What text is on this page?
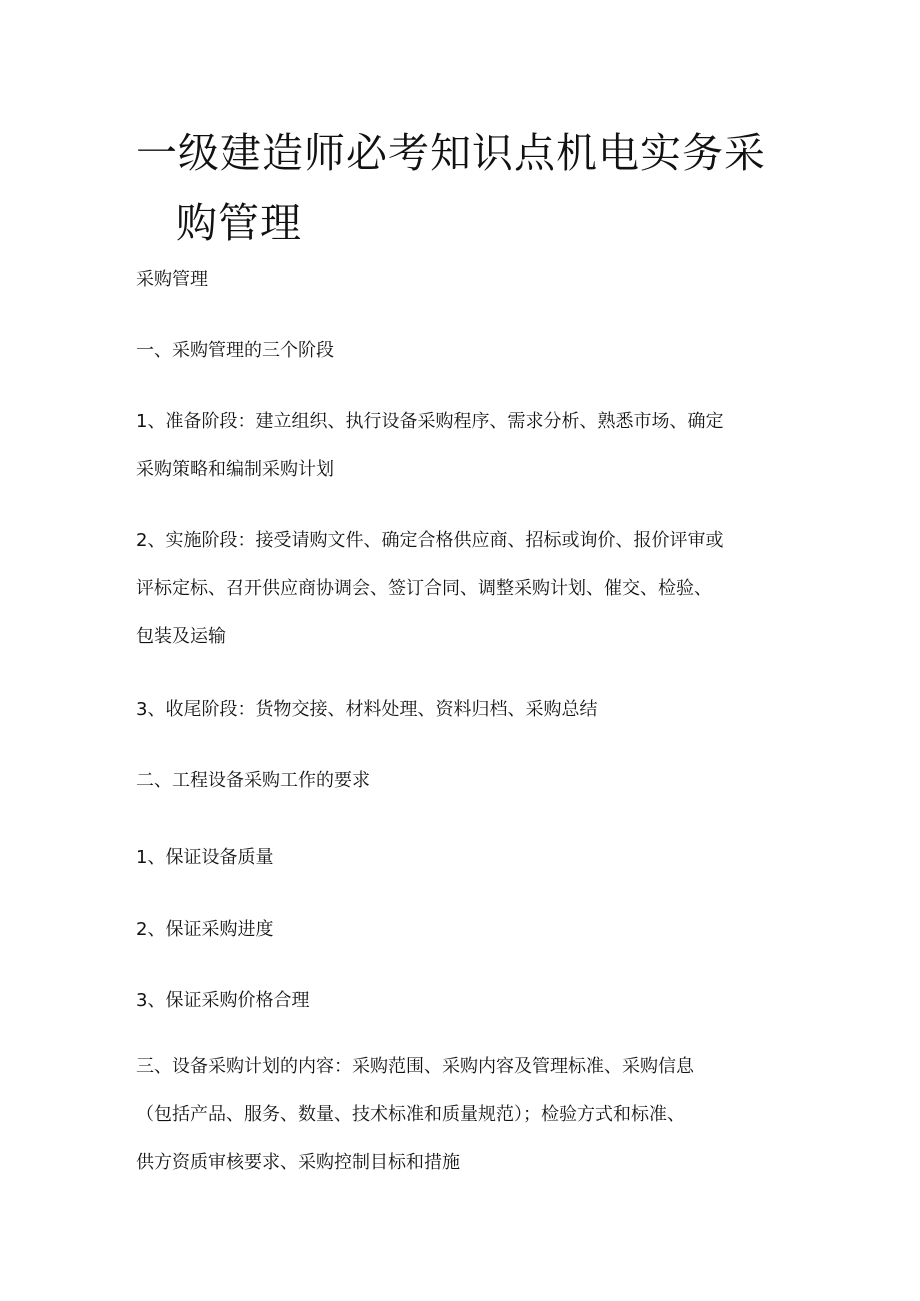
一级建造师必考知识点机电实务采
购管理
采购管理
一、采购管理的三个阶段
1、准备阶段：建立组织、执行设备采购程序、需求分析、熟悉市场、确定
采购策略和编制采购计划
2、实施阶段：接受请购文件、确定合格供应商、招标或询价、报价评审或
评标定标、召开供应商协调会、签订合同、调整采购计划、催交、检验、
包装及运输
3、收尾阶段：货物交接、材料处理、资料归档、采购总结
二、工程设备采购工作的要求
1、保证设备质量
2、保证采购进度
3、保证采购价格合理
三、设备采购计划的内容：采购范围、采购内容及管理标准、采购信息
（包括产品、服务、数量、技术标准和质量规范）；检验方式和标准、
供方资质审核要求、采购控制目标和措施
